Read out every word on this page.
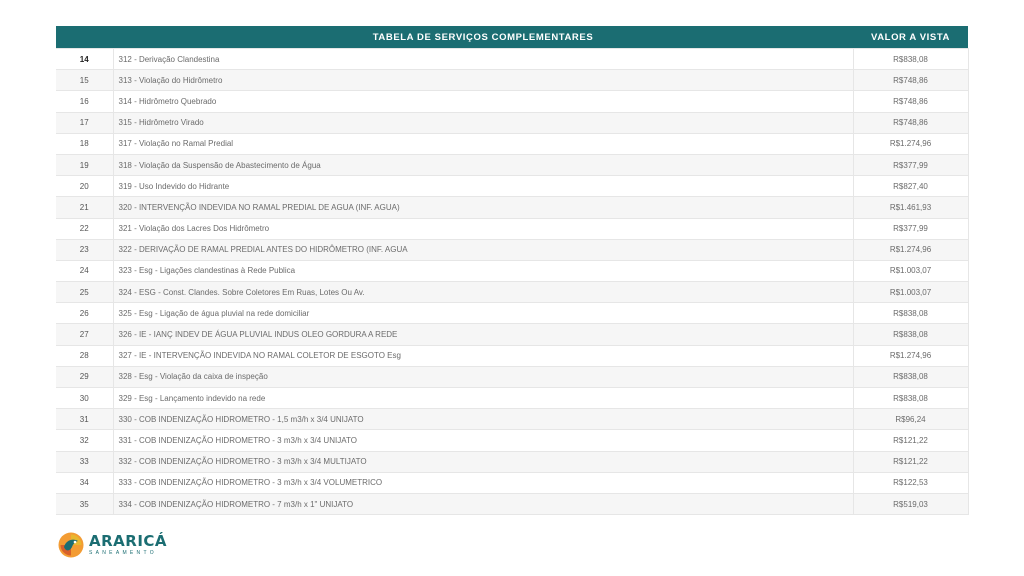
	TABELA DE SERVIÇOS COMPLEMENTARES	VALOR A VISTA
14	312 - Derivação Clandestina	R$838,08
15	313 - Violação do Hidrômetro	R$748,86
16	314 - Hidrômetro Quebrado	R$748,86
17	315 - Hidrômetro Virado	R$748,86
18	317 - Violação no Ramal Predial	R$1.274,96
19	318 - Violação da Suspensão de Abastecimento de Água	R$377,99
20	319 - Uso Indevido do Hidrante	R$827,40
21	320 - INTERVENÇÃO INDEVIDA NO RAMAL PREDIAL DE AGUA (INF. AGUA)	R$1.461,93
22	321 - Violação dos Lacres Dos Hidrômetro	R$377,99
23	322 - DERIVAÇÃO DE RAMAL PREDIAL ANTES DO HIDRÔMETRO (INF. AGUA	R$1.274,96
24	323 - Esg - Ligações clandestinas à Rede Publica	R$1.003,07
25	324 - ESG - Const. Clandes. Sobre Coletores Em Ruas, Lotes Ou Av.	R$1.003,07
26	325 - Esg - Ligação de água pluvial na rede domiciliar	R$838,08
27	326 - IE - IANÇ INDEV DE ÁGUA PLUVIAL INDUS OLEO GORDURA A REDE	R$838,08
28	327 - IE - INTERVENÇÃO INDEVIDA NO RAMAL COLETOR DE ESGOTO Esg	R$1.274,96
29	328 - Esg - Violação da caixa de inspeção	R$838,08
30	329 - Esg - Lançamento indevido na rede	R$838,08
31	330 - COB INDENIZAÇÃO HIDROMETRO - 1,5 m3/h x 3/4 UNIJATO	R$96,24
32	331 - COB INDENIZAÇÃO HIDROMETRO - 3 m3/h x 3/4 UNIJATO	R$121,22
33	332 - COB INDENIZAÇÃO HIDROMETRO - 3 m3/h x 3/4 MULTIJATO	R$121,22
34	333 - COB INDENIZAÇÃO HIDROMETRO - 3 m3/h x 3/4 VOLUMETRICO	R$122,53
35	334 - COB INDENIZAÇÃO HIDROMETRO - 7 m3/h x 1" UNIJATO	R$519,03
ARARICÁ
SANEAMENTO
